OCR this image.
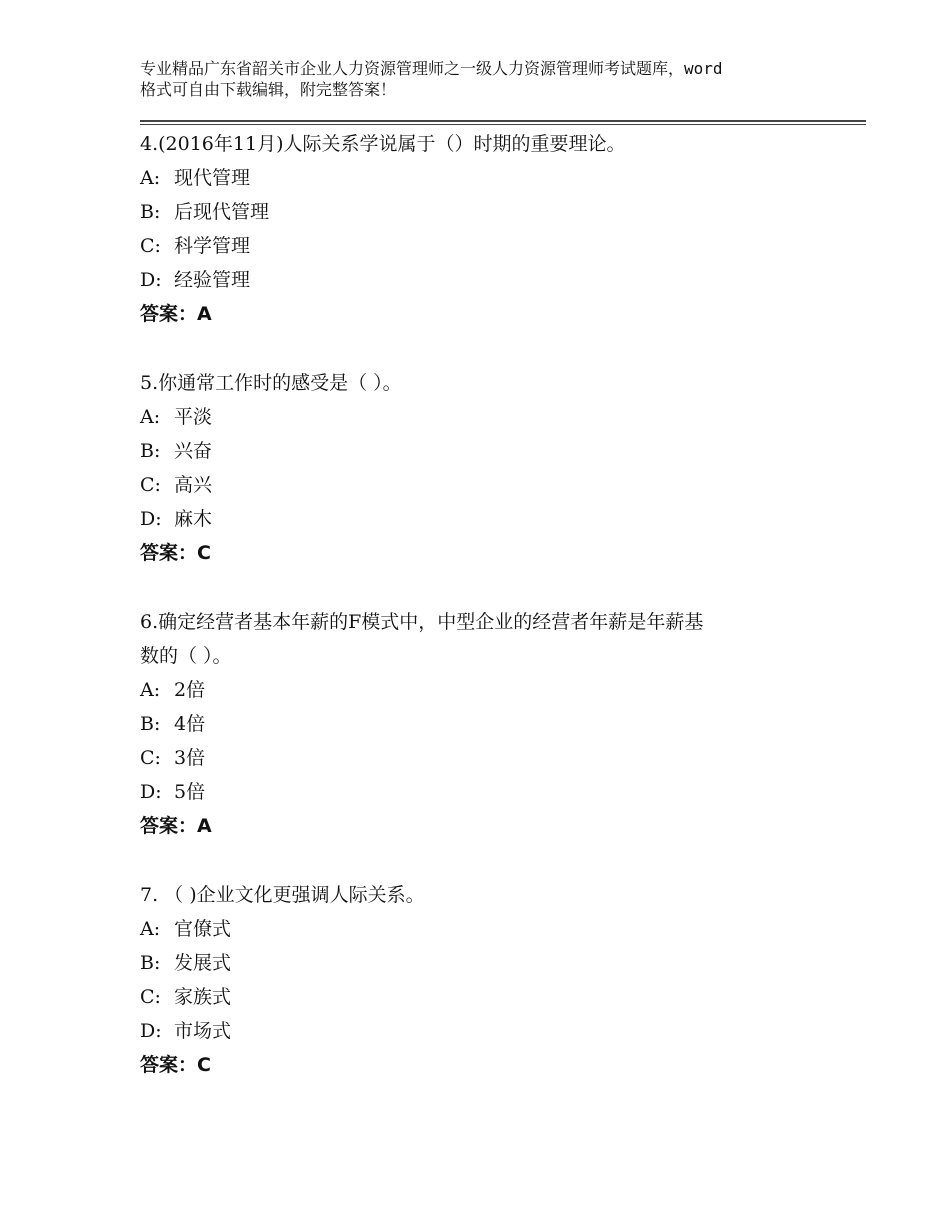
专业精品广东省韶关市企业人力资源管理师之一级人力资源管理师考试题库，word
格式可自由下载编辑，附完整答案！
4.(2016年11月)人际关系学说属于（）时期的重要理论。
A: 现代管理
B: 后现代管理
C: 科学管理
D: 经验管理
答案：A
5.你通常工作时的感受是（ ）。
A: 平淡
B: 兴奋
C: 高兴
D: 麻木
答案：C
6.确定经营者基本年薪的F模式中，中型企业的经营者年薪是年薪基
数的（ ）。
A: 2倍
B: 4倍
C: 3倍
D: 5倍
答案：A
7. （ )企业文化更强调人际关系。
A: 官僚式
B: 发展式
C: 家族式
D: 市场式
答案：C
